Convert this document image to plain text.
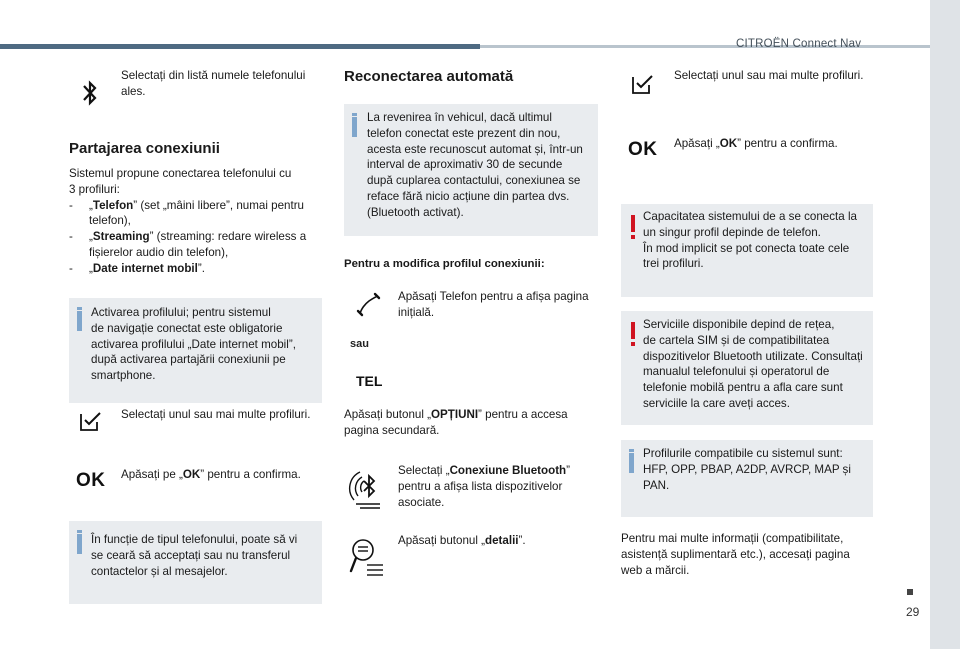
CITROËN Connect Nav
29
Selectați din listă numele telefonului ales.
Partajarea conexiunii
Sistemul propune conectarea telefonului cu
3 profiluri:
- „Telefon” (set „mâini libere”, numai pentru telefon),
- „Streaming” (streaming: redare wireless a fișierelor audio din telefon),
- „Date internet mobil”.
Activarea profilului; pentru sistemul
de navigație conectat este obligatorie
activarea profilului „Date internet mobil”,
după activarea partajării conexiunii pe
smartphone.
Selectați unul sau mai multe profiluri.
OK Apăsați pe „OK” pentru a confirma.
În funcție de tipul telefonului, poate să vi
se ceară să acceptați sau nu transferul
contactelor și al mesajelor.
Reconectarea automată
La revenirea în vehicul, dacă ultimul
telefon conectat este prezent din nou,
acesta este recunoscut automat și, într-un
interval de aproximativ 30 de secunde
după cuplarea contactului, conexiunea se
reface fără nicio acțiune din partea dvs.
(Bluetooth activat).
Pentru a modifica profilul conexiunii:
Apăsați Telefon pentru a afișa pagina inițială.
sau
TEL
Apăsați butonul „OPȚIUNI” pentru a accesa pagina secundară.
Selectați „Conexiune Bluetooth” pentru a afișa lista dispozitivelor asociate.
Apăsați butonul „detalii”.
Selectați unul sau mai multe profiluri.
OK Apăsați „OK” pentru a confirma.
Capacitatea sistemului de a se conecta la
un singur profil depinde de telefon.
În mod implicit se pot conecta toate cele
trei profiluri.
Serviciile disponibile depind de rețea,
de cartela SIM și de compatibilitatea
dispozitivelor Bluetooth utilizate. Consultați
manualul telefonului și operatorul de
telefonie mobilă pentru a afla care sunt
serviciile la care aveți acces.
Profilurile compatibile cu sistemul sunt:
HFP, OPP, PBAP, A2DP, AVRCP, MAP și
PAN.
Pentru mai multe informații (compatibilitate,
asistență suplimentară etc.), accesați pagina
web a mărcii.
